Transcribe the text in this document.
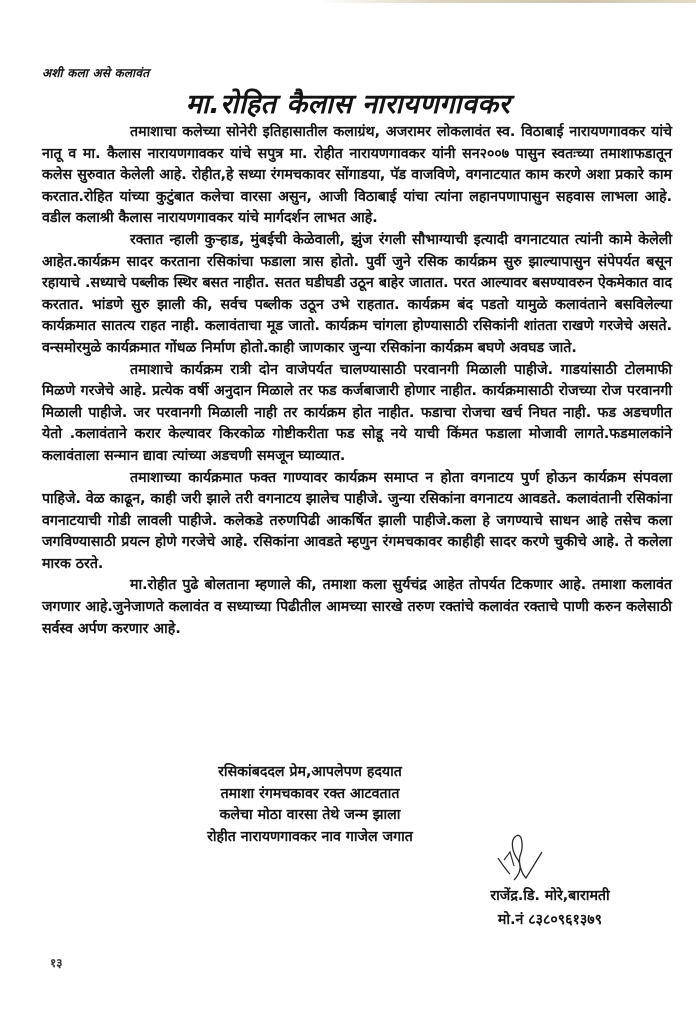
अशी कला असे कलावंत
मा.रोहित कैलास नारायणगावकर

तमाशाचा कलेच्या सोनेरी इतिहासातील कलाग्रंथ, अजरामर लोकलावंत स्व. विठाबाई नारायणगावकर यांचे नातू व मा. कैलास नारायणगावकर यांचे सपुत्र मा. रोहीत नारायणगावकर यांनी सन२००७ पासुन स्वतःच्या तमाशाफडातून कलेस सुरुवात केलेली आहे. रोहीत,हे सध्या रंगमचकावर सोंगाडया, पॅड वाजविणे, वगनाटयात काम करणे अशा प्रकारे काम करतात.रोहित यांच्या कुटुंबात कलेचा वारसा असुन, आजी विठाबाई यांचा त्यांना लहानपणापासुन सहवास लाभला आहे. वडील कलाश्री कैलास नारायणगावकर यांचे मार्गदर्शन लाभत आहे.

रक्तात न्हाली कुऱ्हाड, मुंबईची केळेवाली, झुंज रंगली सौभाग्याची इत्यादी वगनाटयात त्यांनी कामे केलेली आहेत.कार्यक्रम सादर करताना रसिकांचा फडाला त्रास होतो. पुर्वी जुने रसिक कार्यक्रम सुरु झाल्यापासुन संपेपर्यत बसून रहायाचे .सध्याचे पब्लीक स्थिर बसत नाहीत. सतत घडीघडी उठून बाहेर जातात. परत आल्यावर बसण्यावरुन ऐकमेकात वाद करतात. भांडणे सुरु झाली की, सर्वच पब्लीक उठून उभे राहतात. कार्यक्रम बंद पडतो यामुळे कलावंताने बसविलेल्या कार्यक्रमात सातत्य राहत नाही. कलावंताचा मूड जातो. कार्यक्रम चांगला होण्यासाठी रसिकांनी शांतता राखणे गरजेचे असते. वन्समोरमुळे कार्यक्रमात गोंधळ निर्माण होतो.काही जाणकार जुन्या रसिकांना कार्यक्रम बघणे अवघड जाते.

तमाशाचे कार्यक्रम रात्री दोन वाजेपर्यत चालण्यासाठी परवानगी मिळाली पाहीजे. गाडयांसाठी टोलमाफी मिळणे गरजेचे आहे. प्रत्येक वर्षी अनुदान मिळाले तर फड कर्जबाजारी होणार नाहीत. कार्यक्रमासाठी रोजच्या रोज परवानगी मिळाली पाहीजे. जर परवानगी मिळाली नाही तर कार्यक्रम होत नाहीत. फडाचा रोजचा खर्च निघत नाही. फड अडचणीत येतो .कलावंताने करार केल्यावर किरकोळ गोष्टीकरीता फड सोडू नये याची किंमत फडाला मोजावी लागते.फडमालकांने कलावंताला सन्मान द्यावा त्यांच्या अडचणी समजून घ्याव्यात.

तमाशाच्या कार्यक्रमात फक्त गाण्यावर कार्यक्रम समाप्त न होता वगनाटय पुर्ण होऊन कार्यक्रम संपवला पाहिजे. वेळ काढून, काही जरी झाले तरी वगनाटय झालेच पाहीजे. जुन्या रसिकांना वगनाटय आवडते. कलावंतानी रसिकांना वगनाटयाची गोडी लावली पाहीजे. कलेकडे तरुणपिढी आकर्षित झाली पाहीजे.कला हे जगण्याचे साधन आहे तसेच कला जगविण्यासाठी प्रयत्न होणे गरजेचे आहे. रसिकांना आवडते म्हणुन रंगमचकावर काहीही सादर करणे चुकीचे आहे. ते कलेला मारक ठरते.

मा.रोहीत पुढे बोलताना म्हणाले की, तमाशा कला सुर्यचंद्र आहेत तोपर्यत टिकणार आहे. तमाशा कलावंत जगणार आहे.जुनेजाणते कलावंत व सध्याच्या पिढीतील आमच्या सारखे तरुण रक्तांचे कलावंत रक्ताचे पाणी करुन कलेसाठी सर्वस्व अर्पण करणार आहे.

रसिकांबददल प्रेम,आपलेपण हदयात
तमाशा रंगमचकावर रक्त आटवतात
कलेचा मोठा वारसा तेथे जन्म झाला
रोहीत नारायणगावकर नाव गाजेल जगात
राजेंद्र.डि. मोरे,बारामती
मो.नं ८३८०९६१३७९
१३
